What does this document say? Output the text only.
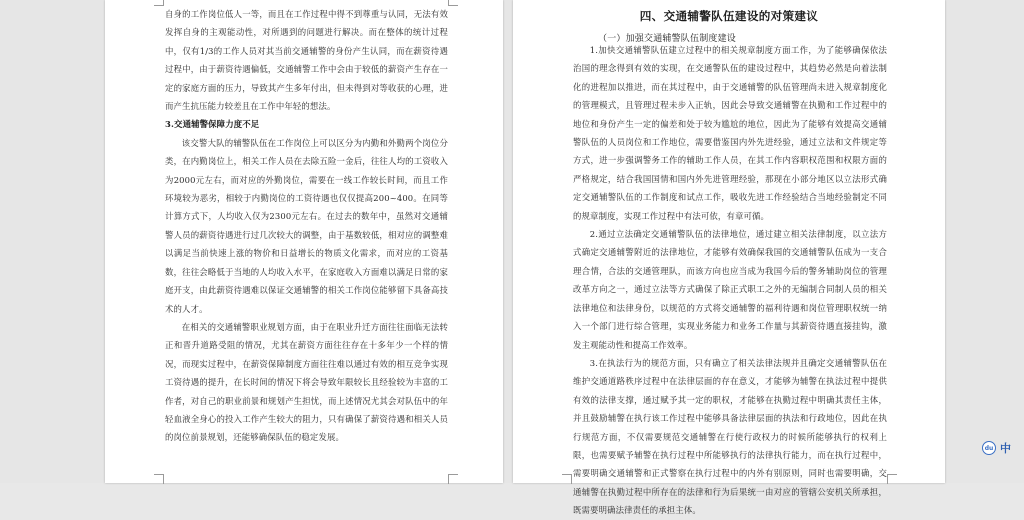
自身的工作岗位低人一等，而且在工作过程中得不到尊重与认同，无法有效发挥自身的主观能动性，对所遇到的问题进行解决。而在整体的统计过程中，仅有1/3的工作人员对其当前交通辅警的身份产生认同，而在薪资待遇过程中，由于薪资待遇偏低，交通辅警工作中会由于较低的薪资产生存在一定的家庭方面的压力，导致其产生多年付出，但未得到对等收获的心理，进而产生抗压能力较差且在工作中年轻的想法。

3.交通辅警保障力度不足

该交警大队的辅警队伍在工作岗位上可以区分为内勤和外勤两个岗位分类，在内勤岗位上，相关工作人员在去除五险一金后，往往人均的工资收入为2000元左右，而对应的外勤岗位，需要在一线工作较长时间，而且工作环境较为恶劣，相较于内勤岗位的工资待遇也仅仅提高200~400。在同等计算方式下，人均收入仅为2300元左右。在过去的数年中，虽然对交通辅警人员的薪资待遇进行过几次较大的调整，由于基数较低，相对应的调整难以满足当前快速上涨的物价和日益增长的物质文化需求，而对应的工资基数，往往会略低于当地的人均收入水平，在家庭收入方面难以满足日常的家庭开支，由此薪资待遇难以保证交通辅警的相关工作岗位能够留下具备高技术的人才。

在相关的交通辅警职业规划方面，由于在职业升迁方面往往面临无法转正和晋升道路受阻的情况，尤其在薪资方面往往存在十多年少一个样的情况，而现实过程中，在薪资保障制度方面往往难以通过有效的相互竞争实现工资待遇的提升，在长时间的情况下将会导致年限较长且经验较为丰富的工作者，对自己的职业前景和规划产生担忧，而上述情况尤其会对队伍中的年轻血液全身心的投入工作产生较大的阻力，只有确保了薪资待遇和相关人员的岗位前景规划，还能够确保队伍的稳定发展。

四、交通辅警队伍建设的对策建议
（一）加强交通辅警队伍制度建设

1.加快交通辅警队伍建立过程中的相关规章制度方面工作，为了能够确保依法治国的理念得到有效的实现，在交通警队伍的建设过程中，其趋势必然是向着法制化的进程加以推进，而在其过程中，由于交通辅警的队伍管理尚未进入规章制度化的管理模式，且管理过程未步入正轨，因此会导致交通辅警在执勤和工作过程中的地位和身份产生一定的偏差和处于较为尴尬的地位，因此为了能够有效提高交通辅警队伍的人员岗位和工作地位，需要借鉴国内外先进经验，通过立法和文件规定等方式，进一步强调警务工作的辅助工作人员，在其工作内容职权范围和权限方面的严格规定，结合我国国情和国内外先进管理经验，那现在小部分地区以立法形式确定交通辅警队伍的工作制度和试点工作，吸收先进工作经验结合当地经验制定不同的规章制度，实现工作过程中有法可依，有章可循。

2.通过立法确定交通辅警队伍的法律地位，通过建立相关法律制度，以立法方式确定交通辅警附近的法律地位，才能够有效确保我国的交通辅警队伍成为一支合理合情，合法的交通管理队，而该方向也应当成为我国今后的警务辅助岗位的管理改革方向之一，通过立法等方式确保了除正式职工之外的无编制合同制人员的相关法律地位和法律身份，以规范的方式将交通辅警的福利待遇和岗位管理职权统一纳入一个部门进行综合管理，实现业务能力和业务工作量与其薪资待遇直接挂钩，激发主观能动性和提高工作效率。

3.在执法行为的规范方面，只有确立了相关法律法规并且确定交通辅警队伍在维护交通道路秩序过程中在法律层面的存在意义，才能够为辅警在执法过程中提供有效的法律支撑，通过赋予其一定的职权，才能够在执勤过程中明确其责任主体，并且鼓励辅警在执行该工作过程中能够具备法律层面的执法和行政地位，因此在执行规范方面，不仅需要规范交通辅警在行使行政权力的时候所能够执行的权利上限，也需要赋予辅警在执行过程中所能够执行的法律执行能力，而在执行过程中，需要明确交通辅警和正式警察在执行过程中的内外有别原则，同时也需要明确，交通辅警在执勤过程中所存在的法律和行为后果统一由对应的管辖公安机关所承担，既需要明确法律责任的承担主体。

du 中
